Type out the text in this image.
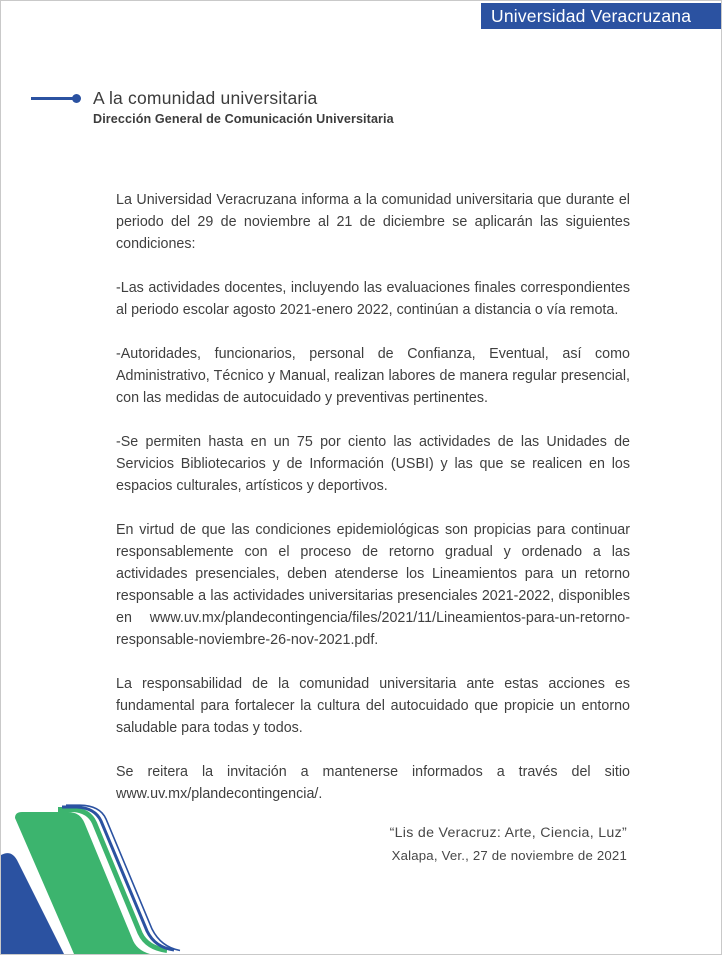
Universidad Veracruzana
A la comunidad universitaria
Dirección General de Comunicación Universitaria

La Universidad Veracruzana informa a la comunidad universitaria que durante el periodo del 29 de noviembre al 21 de diciembre se aplicarán las siguientes condiciones:

-Las actividades docentes, incluyendo las evaluaciones finales correspondientes al periodo escolar agosto 2021-enero 2022, continúan a distancia o vía remota.

-Autoridades, funcionarios, personal de Confianza, Eventual, así como Administrativo, Técnico y Manual, realizan labores de manera regular presencial, con las medidas de autocuidado y preventivas pertinentes.

-Se permiten hasta en un 75 por ciento las actividades de las Unidades de Servicios Bibliotecarios y de Información (USBI) y las que se realicen en los espacios culturales, artísticos y deportivos.

En virtud de que las condiciones epidemiológicas son propicias para continuar responsablemente con el proceso de retorno gradual y ordenado a las actividades presenciales, deben atenderse los Lineamientos para un retorno responsable a las actividades universitarias presenciales 2021-2022, disponibles en www.uv.mx/plandecontingencia/files/2021/11/Lineamientos-para-un-retorno-responsable-noviembre-26-nov-2021.pdf.

La responsabilidad de la comunidad universitaria ante estas acciones es fundamental para fortalecer la cultura del autocuidado que propicie un entorno saludable para todas y todos.

Se reitera la invitación a mantenerse informados a través del sitio www.uv.mx/plandecontingencia/.

“Lis de Veracruz: Arte, Ciencia, Luz”
Xalapa, Ver., 27 de noviembre de 2021
